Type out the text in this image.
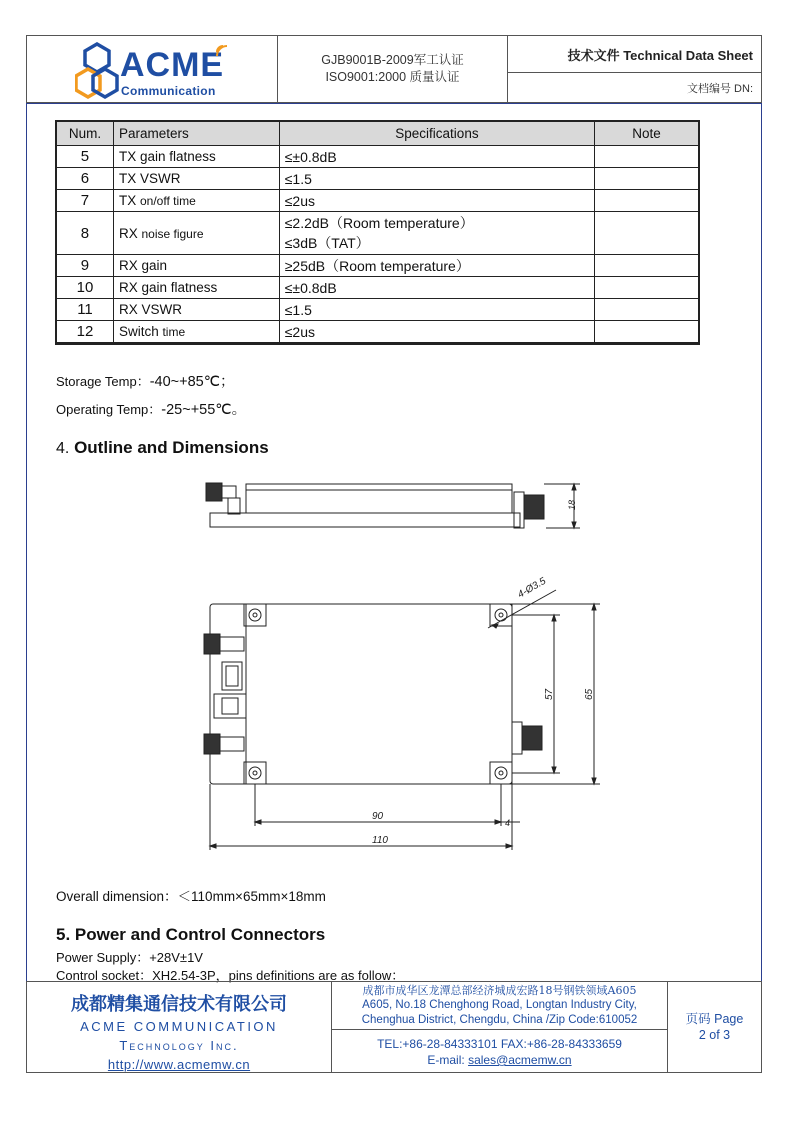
ACME
Communication
GJB9001B-2009军工认证
ISO9001:2000 质量认证
技术文件 Technical Data Sheet
文档编号 DN:
Num.	Parameters	Specifications	Note
5	TX gain flatness	≤±0.8dB	
6	TX VSWR	≤1.5	
7	TX on/off time	≤2us	
8	RX noise figure	≤2.2dB（Room temperature）
≤3dB（TAT）	

9	RX gain	≥25dB（Room temperature）	
10	RX gain flatness	≤±0.8dB	
11	RX VSWR	≤1.5	
12	Switch time	≤2us	
Storage Temp：-40~+85℃；
Operating Temp：-25~+55℃。
4. Outline and Dimensions
18
4-Ø3.5
57	65
90
4
110
Overall dimension：＜110mm×65mm×18mm
5. Power and Control Connectors
Power Supply：+28V±1V
Control socket：XH2.54-3P，pins definitions are as follow：
成都精集通信技术有限公司
ACME COMMUNICATION
Technology Inc.
http://www.acmemw.cn
成都市成华区龙潭总部经济城成宏路18号钢铁领域A605
A605, No.18 Chenghong Road, Longtan Industry City,
Chenghua District, Chengdu, China /Zip Code:610052
TEL:+86-28-84333101 FAX:+86-28-84333659
E-mail: sales@acmemw.cn
页码 Page
2 of 3
